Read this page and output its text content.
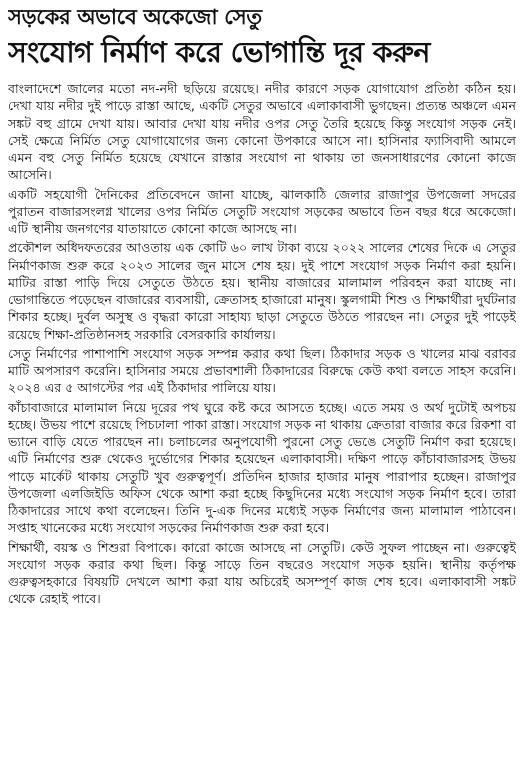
সড়কের অভাবে অকেজো সেতু
সংযোগ নির্মাণ করে ভোগান্তি দূর করুন

বাংলাদেশে জালের মতো নদ-নদী ছড়িয়ে রয়েছে। নদীর কারণে সড়ক যোগাযোগ প্রতিষ্ঠা কঠিন হয়। দেখা যায় নদীর দুই পাড়ে রাস্তা আছে, একটি সেতুর অভাবে এলাকাবাসী ভুগছেন। প্রত্যন্ত অঞ্চলে এমন সঙ্কট বহু গ্রামে দেখা যায়। আবার দেখা যায় নদীর ওপর সেতু তৈরি হয়েছে কিন্তু সংযোগ সড়ক নেই। সেই ক্ষেত্রে নির্মিত সেতু যোগাযোগের জন্য কোনো উপকারে আসে না। হাসিনার ফ্যাসিবাদী আমলে এমন বহু সেতু নির্মিত হয়েছে যেখানে রাস্তার সংযোগ না থাকায় তা জনসাধারণের কোনো কাজে আসেনি।

একটি সহযোগী দৈনিকের প্রতিবেদনে জানা যাচ্ছে, ঝালকাঠি জেলার রাজাপুর উপজেলা সদরের পুরাতন বাজারসংলগ্ন খালের ওপর নির্মিত সেতুটি সংযোগ সড়কের অভাবে তিন বছর ধরে অকেজো। এটি স্থানীয় জনগণের যাতায়াতে কোনো কাজে আসছে না।

প্রকৌশল অধিদফতরের আওতায় এক কোটি ৬০ লাখ টাকা ব্যয়ে ২০২২ সালের শেষের দিকে এ সেতুর নির্মাণকাজ শুরু করে ২০২৩ সালের জুন মাসে শেষ হয়। দুই পাশে সংযোগ সড়ক নির্মাণ করা হয়নি। মাটির রাস্তা পাড়ি দিয়ে সেতুতে উঠতে হয়। স্থানীয় বাজারের মালামাল পরিবহন করা যাচ্ছে না। ভোগান্তিতে পড়েছেন বাজারের ব্যবসায়ী, ক্রেতাসহ হাজারো মানুষ। স্কুলগামী শিশু ও শিক্ষার্থীরা দুর্ঘটনার শিকার হচ্ছে। দুর্বল অসুস্থ ও বৃদ্ধরা কারো সাহায্য ছাড়া সেতুতে উঠতে পারছেন না। সেতুর দুই পাড়েই রয়েছে শিক্ষা-প্রতিষ্ঠানসহ সরকারি বেসরকারি কার্যালয়।

সেতু নির্মাণের পাশাপাশি সংযোগ সড়ক সম্পন্ন করার কথা ছিল। ঠিকাদার সড়ক ও খালের মাঝ বরাবর মাটি অপসারণ করেনি। হাসিনার সময়ে প্রভাবশালী ঠিকাদারের বিরুদ্ধে কেউ কথা বলতে সাহস করেনি। ২০২৪ এর ৫ আগস্টের পর এই ঠিকাদার পালিয়ে যায়।

কাঁচাবাজারে মালামাল নিয়ে দূরের পথ ঘুরে কষ্ট করে আসতে হচ্ছে। এতে সময় ও অর্থ দুটোই অপচয় হচ্ছে। উভয় পাশে রয়েছে পিচঢালা পাকা রাস্তা। সংযোগ সড়ক না থাকায় ক্রেতারা বাজার করে রিকশা বা ভ্যানে বাড়ি যেতে পারছেন না। চলাচলের অনুপযোগী পুরনো সেতু ভেঙে সেতুটি নির্মাণ করা হয়েছে। এটি নির্মাণের শুরু থেকেও দুর্ভোগের শিকার হয়েছেন এলাকাবাসী। দক্ষিণ পাড়ে কাঁচাবাজারসহ উভয় পাড়ে মার্কেট থাকায় সেতুটি খুব গুরুত্বপূর্ণ। প্রতিদিন হাজার হাজার মানুষ পারাপার হচ্ছেন। রাজাপুর উপজেলা এলজিইডি অফিস থেকে আশা করা হচ্ছে কিছুদিনের মধ্যে সংযোগ সড়ক নির্মাণ হবে। তারা ঠিকাদারের সাথে কথা বলেছেন। তিনি দু-এক দিনের মধ্যেই সড়ক নির্মাণের জন্য মালামাল পাঠাবেন। সপ্তাহ খানেকের মধ্যে সংযোগ সড়কের নির্মাণকাজ শুরু করা হবে।

শিক্ষার্থী, বয়স্ক ও শিশুরা বিপাকে। কারো কাজে আসছে না সেতুটি। কেউ সুফল পাচ্ছেন না। গুরুত্বেই সংযোগ সড়ক করার কথা ছিল। কিন্তু সাড়ে তিন বছরেও সংযোগ সড়ক হয়নি। স্থানীয় কর্তৃপক্ষ গুরুত্বসহকারে বিষয়টি দেখলে আশা করা যায় অচিরেই অসম্পূর্ণ কাজ শেষ হবে। এলাকাবাসী সঙ্কট থেকে রেহাই পাবে।
